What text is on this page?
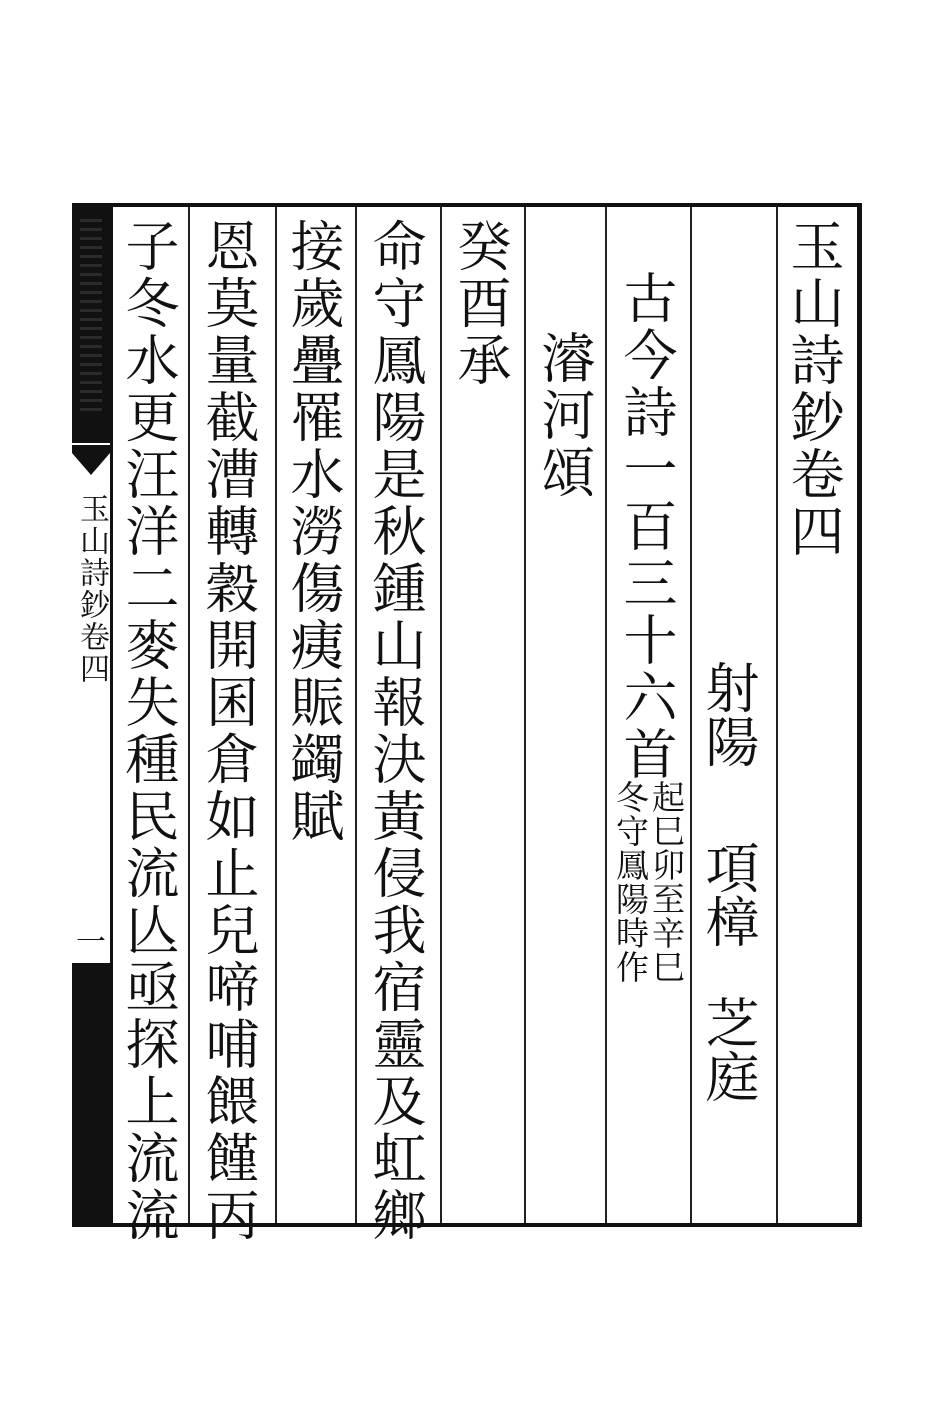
玉山詩鈔卷四
一
玉山詩鈔卷四
射陽
項樟
芝庭
古今詩一百三十六首
起巳卯至辛巳
冬守鳳陽時作
濬河頌
癸酉承
命守鳳陽是秋鍾山報決黃侵我宿靈及虹鄉
接歲疊罹水澇傷痍賑蠲賦
恩莫量截漕轉穀開囷倉如止兒啼哺餵饉丙
子冬水更汪洋二麥失種民流亾亟探上流流
